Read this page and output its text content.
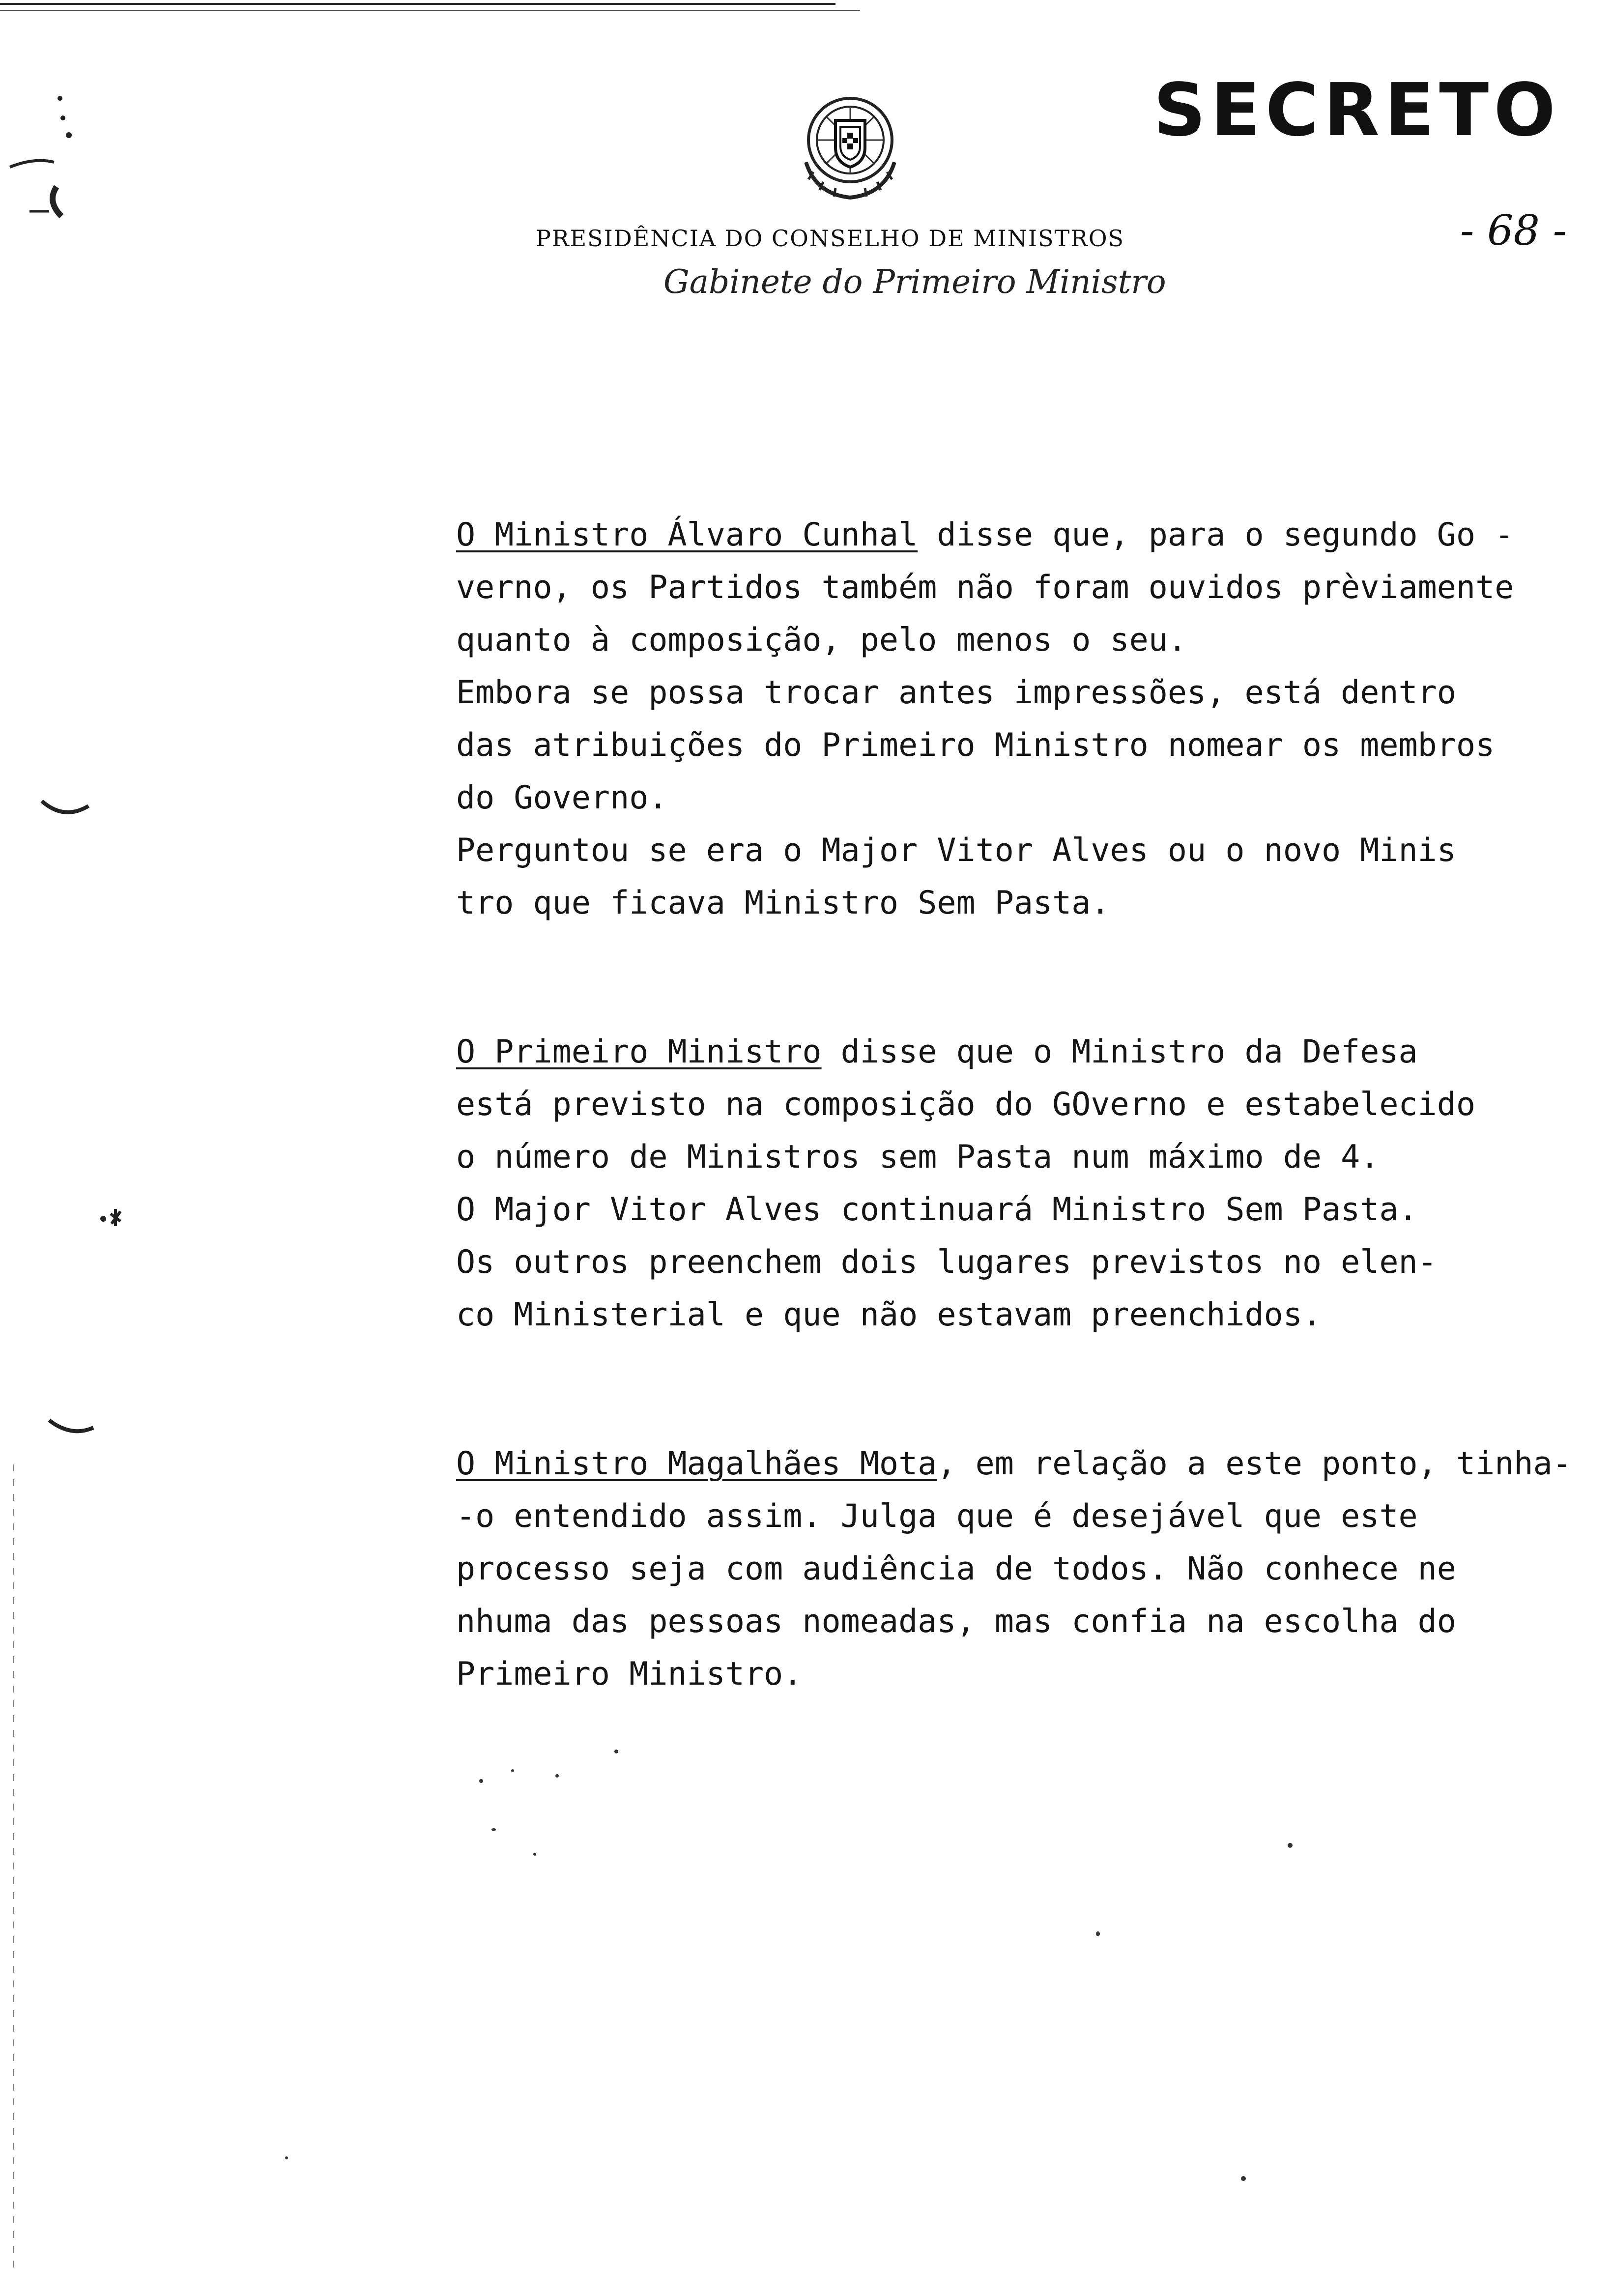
SECRETO
- 68 -
PRESIDÊNCIA DO CONSELHO DE MINISTROS
Gabinete do Primeiro Ministro

O Ministro Álvaro Cunhal disse que, para o segundo Go -

verno, os Partidos também não foram ouvidos prèviamente

quanto à composição, pelo menos o seu.

Embora se possa trocar antes impressões, está dentro

das atribuições do Primeiro Ministro nomear os membros

do Governo.

Perguntou se era o Major Vitor Alves ou o novo Minis

tro que ficava Ministro Sem Pasta.

O Primeiro Ministro disse que o Ministro da Defesa

está previsto na composição do GOverno e estabelecido

o número de Ministros sem Pasta num máximo de 4.

O Major Vitor Alves continuará Ministro Sem Pasta.

Os outros preenchem dois lugares previstos no elen-

co Ministerial e que não estavam preenchidos.

O Ministro Magalhães Mota, em relação a este ponto, tinha-

-o entendido assim. Julga que é desejável que este

processo seja com audiência de todos. Não conhece ne

nhuma das pessoas nomeadas, mas confia na escolha do

Primeiro Ministro.
